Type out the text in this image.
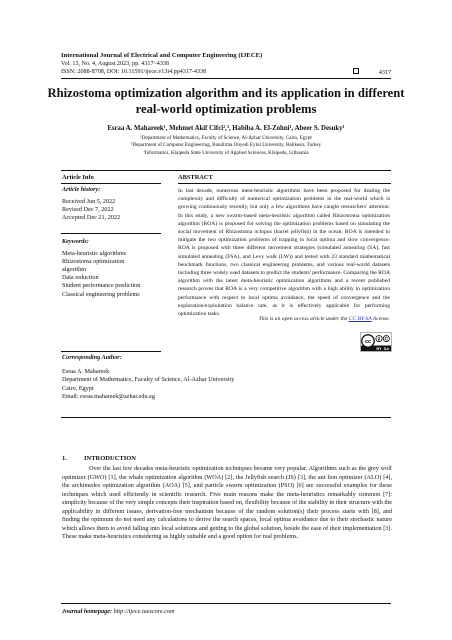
International Journal of Electrical and Computer Engineering (IJECE)
Vol. 13, No. 4, August 2023, pp. 4317~4338
ISSN: 2088-8708, DOI: 10.11591/ijece.v13i4.pp4317-4338	4317
Rhizostoma optimization algorithm and its application in different real-world optimization problems
Esraa A. Mahareek¹, Mehmet Akif Cifci²,³, Habiba A. El-Zohni¹, Abeer S. Desuky¹
¹Department of Mathematics, Faculty of Science, Al-Azhar University, Cairo, Egypt
²Department of Computer Engineering, Bandirma Onyedi Eylul University, Balikesir, Turkey
³Informatics, Klaipeda State University of Applied Sciences, Klaipeda, Lithuania
Article Info	ABSTRACT
Article history:
Received Jun 5, 2022
Revised Dec 7, 2022
Accepted Dec 21, 2022
Keywords:
Meta-heuristic algorithms
Rhizostoma optimization
algorithm
Data reduction
Student performance prediction
Classical engineering problems
In last decade, numerous meta-heuristic algorithms have been proposed for dealing the complexity and difficulty of numerical optimization problems in the real-world which is growing continuously recently, but only a few algorithms have caught researchers' attention. In this study, a new swarm-based meta-heuristic algorithm called Rhizostoma optimization algorithm (ROA) is proposed for solving the optimization problems based on simulating the social movement of Rhizostoma octopus (barrel jellyfish) in the ocean. ROA is intended to mitigate the two optimization problems of trapping in local optima and slow convergence. ROA is proposed with three different movement strategies (simulated annealing (SA), fast simulated annealing (FSA), and Levy walk (LW)) and tested with 23 standard mathematical benchmark functions, two classical engineering problems, and various real-world datasets including three widely used datasets to predict the students' performance. Comparing the ROA algorithm with the latest meta-heuristic optimization algorithms and a recent published research proves that ROA is a very competitive algorithm with a high ability in optimization performance with respect to local optima avoidance, the speed of convergence and the exploration/exploitation balance rate, as it is effectively applicable for performing optimization tasks.
This is an open access article under the CC BY-SA license.
cc
BY SA
Corresponding Author:
Esraa A. Mahareek
Department of Mathematics, Faculty of Science, Al-Azhar University
Cairo, Egypt
Email: esraa.mahareek@azhar.edu.eg
1.	INTRODUCTION
Over the last few decades meta-heuristic optimization techniques became very popular. Algorithms such as the grey wolf optimizer (GWO) [1], the whale optimization algorithm (WOA) [2], the Jellyfish search (JS) [3], the ant lion optimizer (ALO) [4], the archimedes optimization algorithm (AOA) [5], and particle swarm optimization (PSO) [6] are successful examples for these techniques which used efficiently in scientific research. Five main reasons make the meta-heuristics remarkably common [7]: simplicity because of the very simple concepts their inspiration based on, flexibility because of the stability in their structure with the applicability in different issues, derivation-free mechanism because of the random solution(s) their process starts with [8], and finding the optimum do not need any calculations to derive the search spaces, local optima avoidance due to their stochastic nature which allows them to avoid falling into local solutions and getting to the global solution, beside the ease of their implementation [3]. These make meta-heuristics considering as highly suitable and a good option for real problems.
Journal homepage: http://ijece.iaescore.com
